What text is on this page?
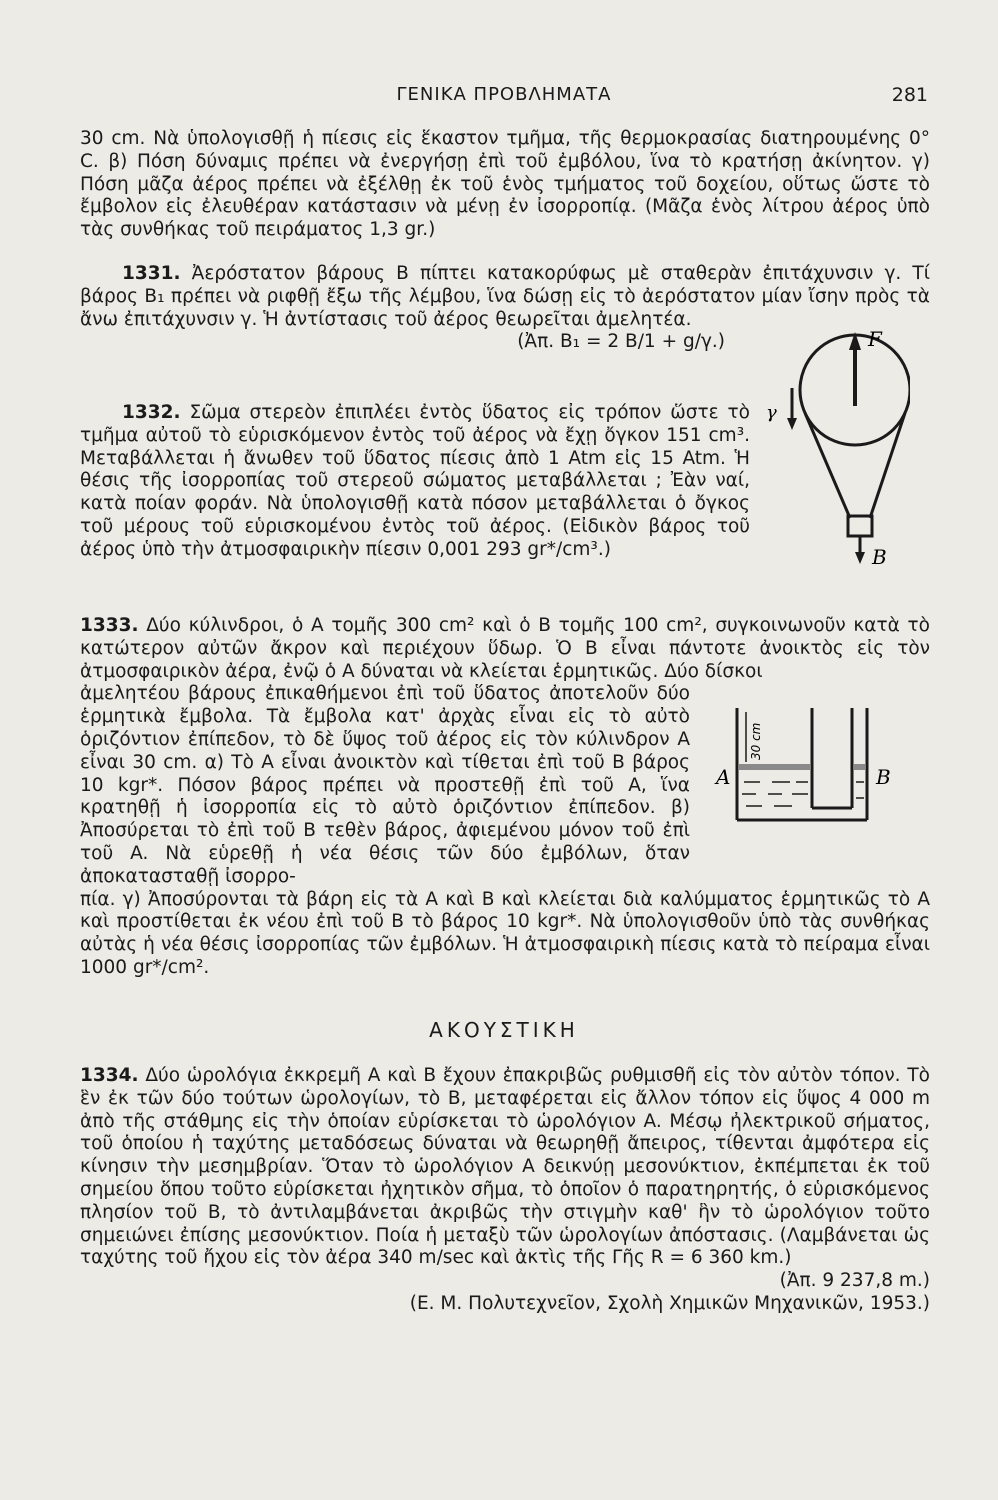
ΓΕΝΙΚΑ ΠΡΟΒΛΗΜΑΤΑ	281

30 cm. Νὰ ὑπολογισθῇ ἡ πίεσις εἰς ἕκαστον τμῆμα, τῆς θερμοκρασίας διατηρουμένης 0° C. β) Πόση δύναμις πρέπει νὰ ἐνεργήσῃ ἐπὶ τοῦ ἐμβόλου, ἵνα τὸ κρατήσῃ ἀκίνητον. γ) Πόση μᾶζα ἀέρος πρέπει νὰ ἐξέλθῃ ἐκ τοῦ ἑνὸς τμήματος τοῦ δοχείου, οὕτως ὥστε τὸ ἔμβολον εἰς ἐλευθέραν κατάστασιν νὰ μένῃ ἐν ἰσορροπίᾳ. (Μᾶζα ἑνὸς λίτρου ἀέρος ὑπὸ τὰς συνθήκας τοῦ πειράματος 1,3 gr.)

1331. Ἀερόστατον βάρους B πίπτει κατακορύφως μὲ σταθερὰν ἐπιτάχυνσιν γ. Τί βάρος B₁ πρέπει νὰ ριφθῇ ἔξω τῆς λέμβου, ἵνα δώσῃ εἰς τὸ ἀερόστατον μίαν ἴσην πρὸς τὰ ἄνω ἐπιτάχυνσιν γ. Ἡ ἀντίστασις τοῦ ἀέρος θεωρεῖται ἀμελητέα.

(Ἀπ. B₁ = 2 B/1 + g/γ.)	F
γ
B

1332. Σῶμα στερεὸν ἐπιπλέει ἐντὸς ὕδατος εἰς τρόπον ὥστε τὸ τμῆμα αὐτοῦ τὸ εὑρισκόμενον ἐντὸς τοῦ ἀέρος νὰ ἔχῃ ὄγκον 151 cm³. Μεταβάλλεται ἡ ἄνωθεν τοῦ ὕδατος πίεσις ἀπὸ 1 Atm εἰς 15 Atm. Ἡ θέσις τῆς ἰσορροπίας τοῦ στερεοῦ σώματος μεταβάλλεται ; Ἐὰν ναί, κατὰ ποίαν φοράν. Νὰ ὑπολογισθῇ κατὰ πόσον μεταβάλλεται ὁ ὄγκος τοῦ μέρους τοῦ εὑρισκομένου ἐντὸς τοῦ ἀέρος. (Εἰδικὸν βάρος τοῦ ἀέρος ὑπὸ τὴν ἀτμοσφαιρικὴν πίεσιν 0,001 293 gr*/cm³.)

1333. Δύο κύλινδροι, ὁ A τομῆς 300 cm² καὶ ὁ B τομῆς 100 cm², συγκοινωνοῦν κατὰ τὸ κατώτερον αὐτῶν ἄκρον καὶ περιέχουν ὕδωρ. Ὁ B εἶναι πάντοτε ἀνοικτὸς εἰς τὸν ἀτμοσφαιρικὸν ἀέρα, ἐνῷ ὁ A δύναται νὰ κλείεται ἑρμητικῶς. Δύο δίσκοι

ἀμελητέου βάρους ἐπικαθήμενοι ἐπὶ τοῦ ὕδατος ἀποτελοῦν δύο ἑρμητικὰ ἔμβολα. Τὰ ἔμβολα κατ' ἀρχὰς εἶναι εἰς τὸ αὐτὸ ὁριζόντιον ἐπίπεδον, τὸ δὲ ὕψος τοῦ ἀέρος εἰς τὸν κύλινδρον A εἶναι 30 cm. α) Τὸ A εἶναι ἀνοικτὸν καὶ τίθεται ἐπὶ τοῦ B βάρος 10 kgr*. Πόσον βάρος πρέπει νὰ προστεθῇ ἐπὶ τοῦ A, ἵνα κρατηθῇ ἡ ἰσορροπία εἰς τὸ αὐτὸ ὁριζόντιον ἐπίπεδον. β) Ἀποσύρεται τὸ ἐπὶ τοῦ B τεθὲν βάρος, ἀφιεμένου μόνον τοῦ ἐπὶ τοῦ A. Νὰ εὑρεθῇ ἡ νέα θέσις τῶν δύο ἐμβόλων, ὅταν ἀποκατασταθῇ ἰσορρο-

πία. γ) Ἀποσύρονται τὰ βάρη εἰς τὰ A καὶ B καὶ κλείεται διὰ καλύμματος ἑρμητικῶς τὸ A καὶ προστίθεται ἐκ νέου ἐπὶ τοῦ B τὸ βάρος 10 kgr*. Νὰ ὑπολογισθοῦν ὑπὸ τὰς συνθήκας αὐτὰς ἡ νέα θέσις ἰσορροπίας τῶν ἐμβόλων. Ἡ ἀτμοσφαιρικὴ πίεσις κατὰ τὸ πείραμα εἶναι 1000 gr*/cm².

30 cm
A	B
ΑΚΟΥΣΤΙΚΗ

1334. Δύο ὡρολόγια ἐκκρεμῆ A καὶ B ἔχουν ἐπακριβῶς ρυθμισθῆ εἰς τὸν αὐτὸν τόπον. Τὸ ἓν ἐκ τῶν δύο τούτων ὡρολογίων, τὸ B, μεταφέρεται εἰς ἄλλον τόπον εἰς ὕψος 4 000 m ἀπὸ τῆς στάθμης εἰς τὴν ὁποίαν εὑρίσκεται τὸ ὡρολόγιον A. Μέσῳ ἠλεκτρικοῦ σήματος, τοῦ ὁποίου ἡ ταχύτης μεταδόσεως δύναται νὰ θεωρηθῇ ἄπειρος, τίθενται ἀμφότερα εἰς κίνησιν τὴν μεσημβρίαν. Ὅταν τὸ ὡρολόγιον A δεικνύῃ μεσονύκτιον, ἐκπέμπεται ἐκ τοῦ σημείου ὅπου τοῦτο εὑρίσκεται ἠχητικὸν σῆμα, τὸ ὁποῖον ὁ παρατηρητής, ὁ εὑρισκόμενος πλησίον τοῦ B, τὸ ἀντιλαμβάνεται ἀκριβῶς τὴν στιγμὴν καθ' ἣν τὸ ὡρολόγιον τοῦτο σημειώνει ἐπίσης μεσονύκτιον. Ποία ἡ μεταξὺ τῶν ὡρολογίων ἀπόστασις. (Λαμβάνεται ὡς ταχύτης τοῦ ἤχου εἰς τὸν ἀέρα 340 m/sec καὶ ἀκτὶς τῆς Γῆς R = 6 360 km.)

(Ἀπ. 9 237,8 m.)

(Ε. Μ. Πολυτεχνεῖον, Σχολὴ Χημικῶν Μηχανικῶν, 1953.)
